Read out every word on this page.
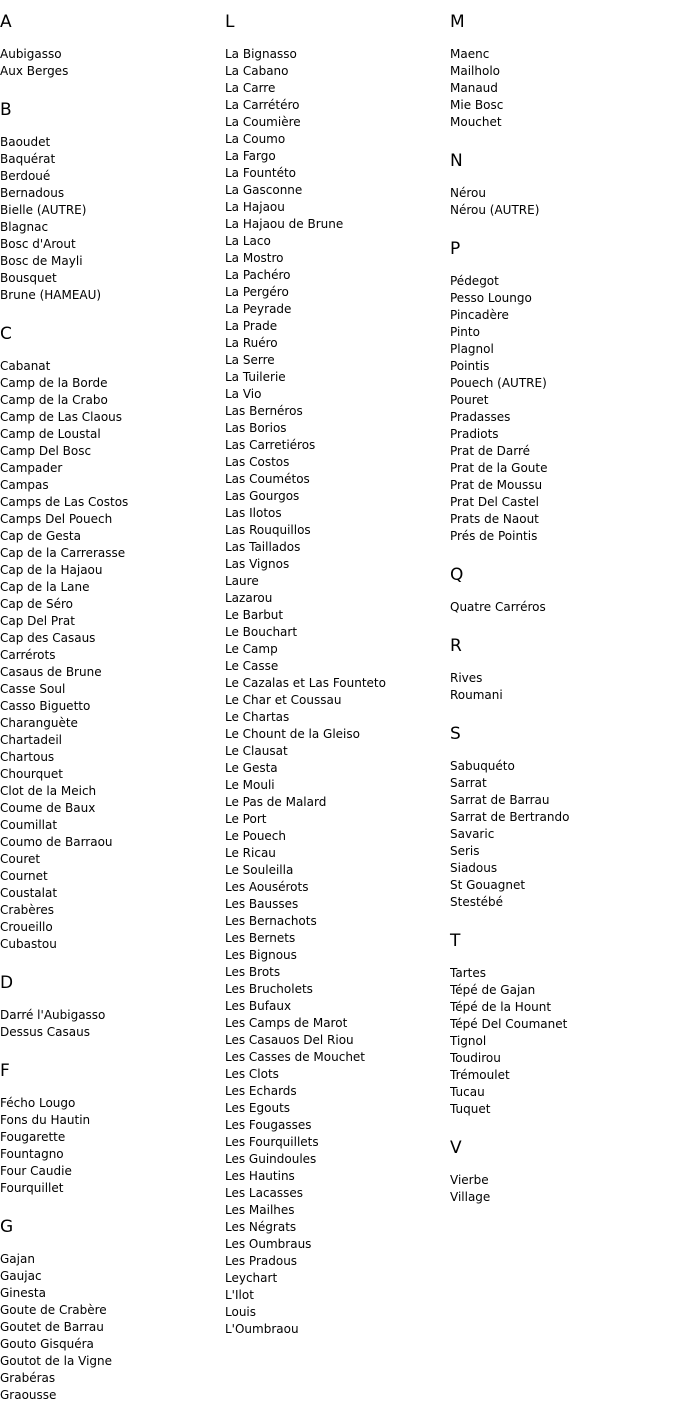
A
Aubigasso
Aux Berges
B
Baoudet
Baquérat
Berdoué
Bernadous
Bielle (AUTRE)
Blagnac
Bosc d'Arout
Bosc de Mayli
Bousquet
Brune (HAMEAU)
C
Cabanat
Camp de la Borde
Camp de la Crabo
Camp de Las Claous
Camp de Loustal
Camp Del Bosc
Campader
Campas
Camps de Las Costos
Camps Del Pouech
Cap de Gesta
Cap de la Carrerasse
Cap de la Hajaou
Cap de la Lane
Cap de Séro
Cap Del Prat
Cap des Casaus
Carrérots
Casaus de Brune
Casse Soul
Casso Biguetto
Charanguète
Chartadeil
Chartous
Chourquet
Clot de la Meich
Coume de Baux
Coumillat
Coumo de Barraou
Couret
Cournet
Coustalat
Crabères
Croueillo
Cubastou
D
Darré l'Aubigasso
Dessus Casaus
F
Fécho Lougo
Fons du Hautin
Fougarette
Fountagno
Four Caudie
Fourquillet
G
Gajan
Gaujac
Ginesta
Goute de Crabère
Goutet de Barrau
Gouto Gisquéra
Goutot de la Vigne
Grabéras
Graousse
L
La Bignasso
La Cabano
La Carre
La Carrétéro
La Coumière
La Coumo
La Fargo
La Fountéto
La Gasconne
La Hajaou
La Hajaou de Brune
La Laco
La Mostro
La Pachéro
La Pergéro
La Peyrade
La Prade
La Ruéro
La Serre
La Tuilerie
La Vio
Las Bernéros
Las Borios
Las Carretiéros
Las Costos
Las Coumétos
Las Gourgos
Las Ilotos
Las Rouquillos
Las Taillados
Las Vignos
Laure
Lazarou
Le Barbut
Le Bouchart
Le Camp
Le Casse
Le Cazalas et Las Founteto
Le Char et Coussau
Le Chartas
Le Chount de la Gleiso
Le Clausat
Le Gesta
Le Mouli
Le Pas de Malard
Le Port
Le Pouech
Le Ricau
Le Souleilla
Les Aousérots
Les Bausses
Les Bernachots
Les Bernets
Les Bignous
Les Brots
Les Brucholets
Les Bufaux
Les Camps de Marot
Les Casauos Del Riou
Les Casses de Mouchet
Les Clots
Les Echards
Les Egouts
Les Fougasses
Les Fourquillets
Les Guindoules
Les Hautins
Les Lacasses
Les Mailhes
Les Négrats
Les Oumbraus
Les Pradous
Leychart
L'Ilot
Louis
L'Oumbraou
M
Maenc
Mailholo
Manaud
Mie Bosc
Mouchet
N
Nérou
Nérou (AUTRE)
P
Pédegot
Pesso Loungo
Pincadère
Pinto
Plagnol
Pointis
Pouech (AUTRE)
Pouret
Pradasses
Pradiots
Prat de Darré
Prat de la Goute
Prat de Moussu
Prat Del Castel
Prats de Naout
Prés de Pointis
Q
Quatre Carréros
R
Rives
Roumani
S
Sabuquéto
Sarrat
Sarrat de Barrau
Sarrat de Bertrando
Savaric
Seris
Siadous
St Gouagnet
Stestébé
T
Tartes
Tépé de Gajan
Tépé de la Hount
Tépé Del Coumanet
Tignol
Toudirou
Trémoulet
Tucau
Tuquet
V
Vierbe
Village
